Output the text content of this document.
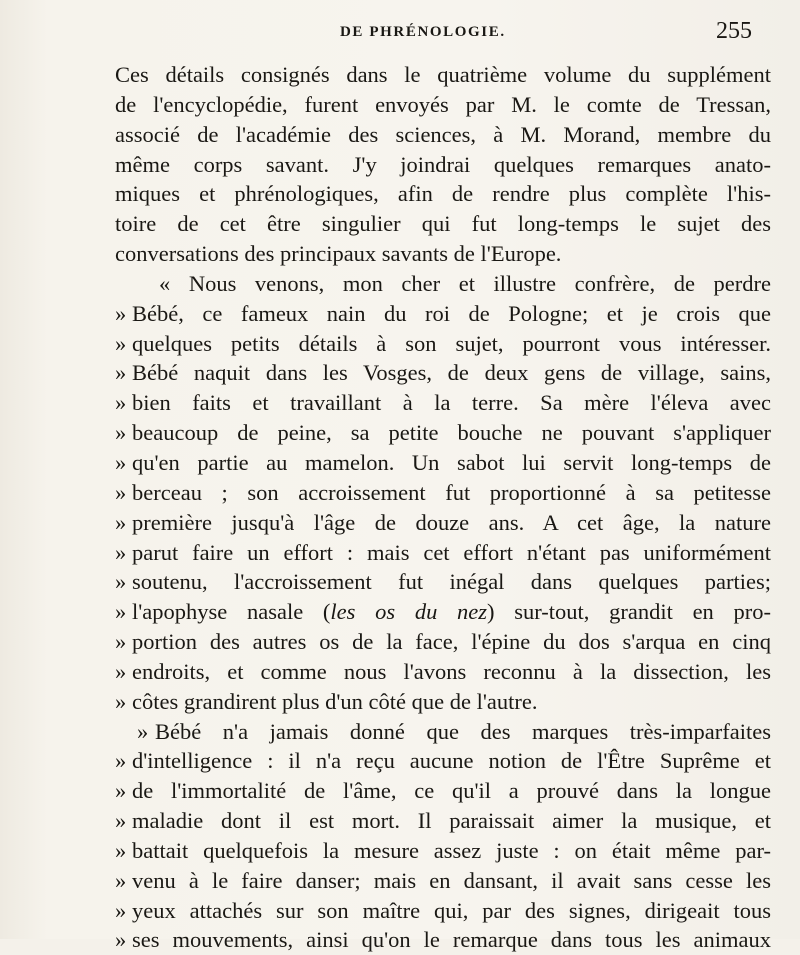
DE PHRÉNOLOGIE.	255
Ces détails consignés dans le quatrième volume du supplément
de l'encyclopédie, furent envoyés par M. le comte de Tressan,
associé de l'académie des sciences, à M. Morand, membre du
même corps savant. J'y joindrai quelques remarques anato-
miques et phrénologiques, afin de rendre plus complète l'his-
toire de cet être singulier qui fut long-temps le sujet des
conversations des principaux savants de l'Europe.
« Nous venons, mon cher et illustre confrère, de perdre
» Bébé, ce fameux nain du roi de Pologne; et je crois que
» quelques petits détails à son sujet, pourront vous intéresser.
» Bébé naquit dans les Vosges, de deux gens de village, sains,
» bien faits et travaillant à la terre. Sa mère l'éleva avec
» beaucoup de peine, sa petite bouche ne pouvant s'appliquer
» qu'en partie au mamelon. Un sabot lui servit long-temps de
» berceau ; son accroissement fut proportionné à sa petitesse
» première jusqu'à l'âge de douze ans. A cet âge, la nature
» parut faire un effort : mais cet effort n'étant pas uniformément
» soutenu, l'accroissement fut inégal dans quelques parties;
» l'apophyse nasale (les os du nez) sur-tout, grandit en pro-
» portion des autres os de la face, l'épine du dos s'arqua en cinq
» endroits, et comme nous l'avons reconnu à la dissection, les
» côtes grandirent plus d'un côté que de l'autre.
» Bébé n'a jamais donné que des marques très-imparfaites
» d'intelligence : il n'a reçu aucune notion de l'Être Suprême et
» de l'immortalité de l'âme, ce qu'il a prouvé dans la longue
» maladie dont il est mort. Il paraissait aimer la musique, et
» battait quelquefois la mesure assez juste : on était même par-
» venu à le faire danser; mais en dansant, il avait sans cesse les
» yeux attachés sur son maître qui, par des signes, dirigeait tous
» ses mouvements, ainsi qu'on le remarque dans tous les animaux
